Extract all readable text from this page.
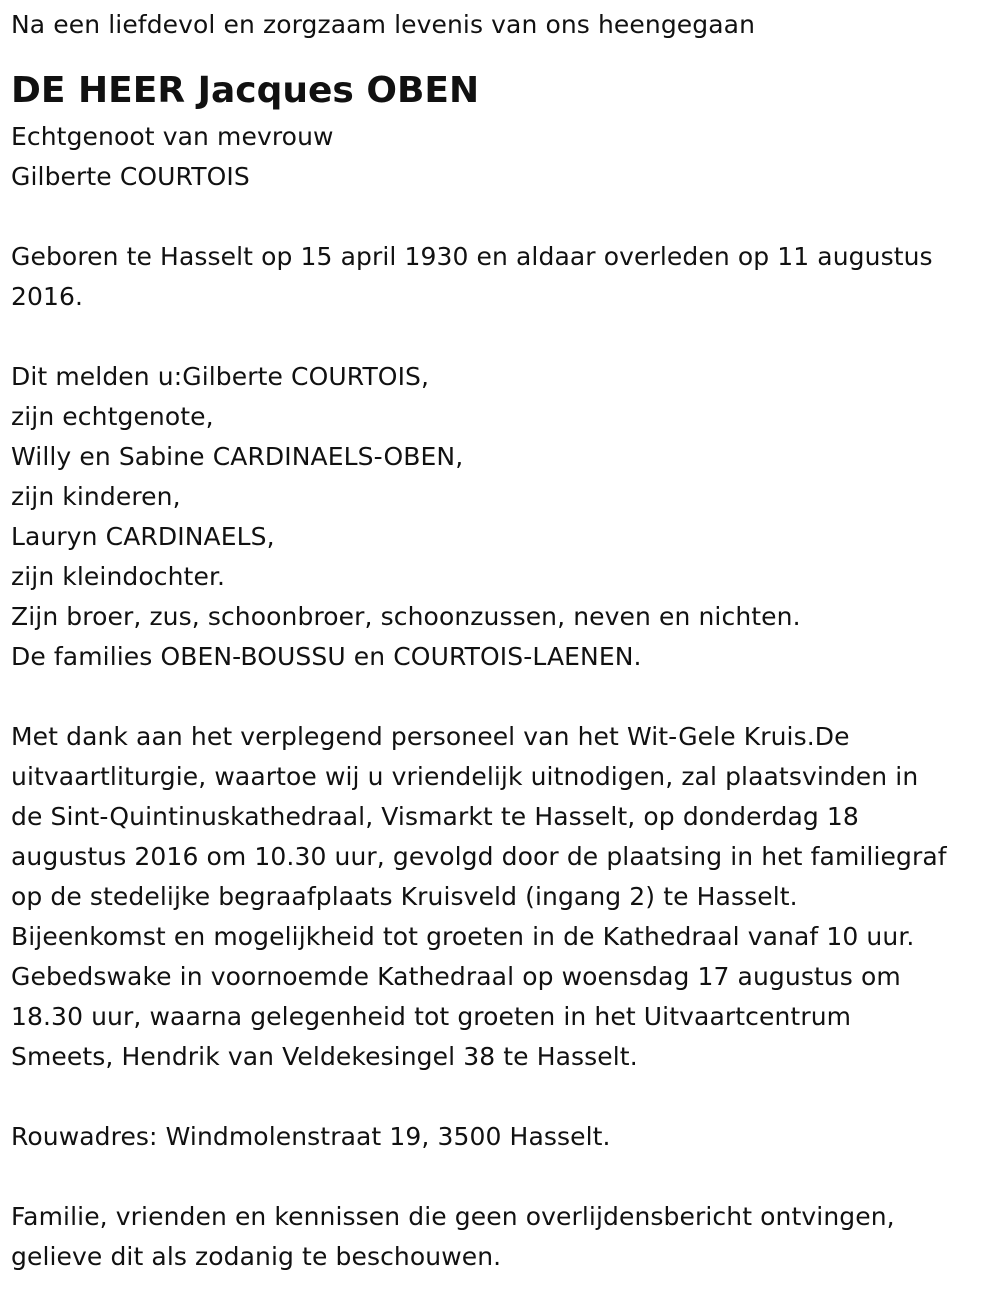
Na een liefdevol en zorgzaam levenis van ons heengegaan
DE HEER Jacques OBEN
Echtgenoot van mevrouw
Gilberte COURTOIS
Geboren te Hasselt op 15 april 1930 en aldaar overleden op 11 augustus
2016.
Dit melden u:Gilberte COURTOIS,
zijn echtgenote,
Willy en Sabine CARDINAELS-OBEN,
zijn kinderen,
Lauryn CARDINAELS,
zijn kleindochter.
Zijn broer, zus, schoonbroer, schoonzussen, neven en nichten.
De families OBEN-BOUSSU en COURTOIS-LAENEN.
Met dank aan het verplegend personeel van het Wit-Gele Kruis.De
uitvaartliturgie, waartoe wij u vriendelijk uitnodigen, zal plaatsvinden in
de Sint-Quintinuskathedraal, Vismarkt te Hasselt, op donderdag 18
augustus 2016 om 10.30 uur, gevolgd door de plaatsing in het familiegraf
op de stedelijke begraafplaats Kruisveld (ingang 2) te Hasselt.
Bijeenkomst en mogelijkheid tot groeten in de Kathedraal vanaf 10 uur.
Gebedswake in voornoemde Kathedraal op woensdag 17 augustus om
18.30 uur, waarna gelegenheid tot groeten in het Uitvaartcentrum
Smeets, Hendrik van Veldekesingel 38 te Hasselt.
Rouwadres: Windmolenstraat 19, 3500 Hasselt.
Familie, vrienden en kennissen die geen overlijdensbericht ontvingen,
gelieve dit als zodanig te beschouwen.
